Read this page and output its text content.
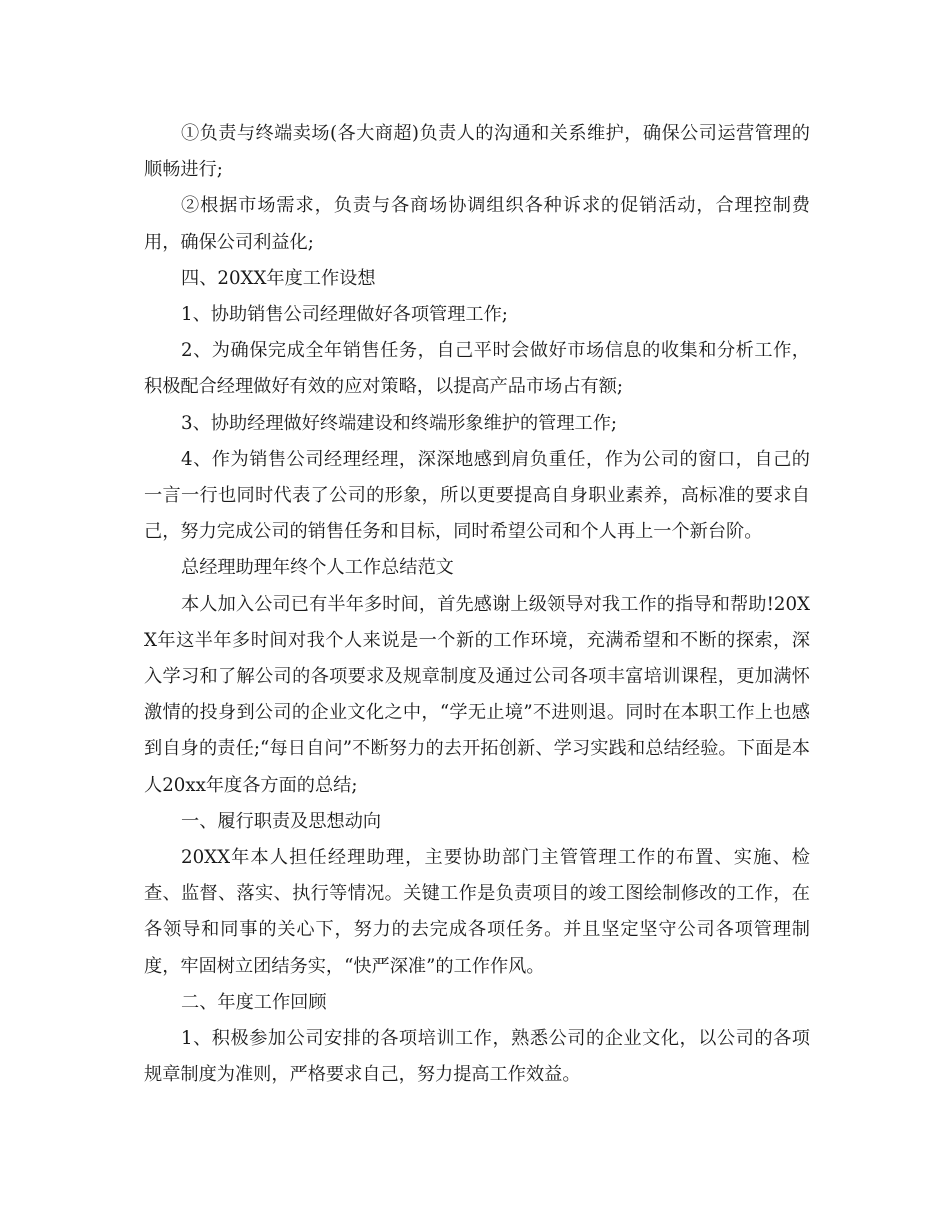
①负责与终端卖场(各大商超)负责人的沟通和关系维护，确保公司运营管理的顺畅进行;

②根据市场需求，负责与各商场协调组织各种诉求的促销活动，合理控制费用，确保公司利益化;

四、20XX年度工作设想

1、协助销售公司经理做好各项管理工作;

2、为确保完成全年销售任务，自己平时会做好市场信息的收集和分析工作，积极配合经理做好有效的应对策略，以提高产品市场占有额;

3、协助经理做好终端建设和终端形象维护的管理工作;

4、作为销售公司经理经理，深深地感到肩负重任，作为公司的窗口，自己的一言一行也同时代表了公司的形象，所以更要提高自身职业素养，高标准的要求自己，努力完成公司的销售任务和目标，同时希望公司和个人再上一个新台阶。

总经理助理年终个人工作总结范文

本人加入公司已有半年多时间，首先感谢上级领导对我工作的指导和帮助!20XX年这半年多时间对我个人来说是一个新的工作环境，充满希望和不断的探索，深入学习和了解公司的各项要求及规章制度及通过公司各项丰富培训课程，更加满怀激情的投身到公司的企业文化之中，“学无止境”不进则退。同时在本职工作上也感到自身的责任;“每日自问”不断努力的去开拓创新、学习实践和总结经验。下面是本人20xx年度各方面的总结;

一、履行职责及思想动向

20XX年本人担任经理助理，主要协助部门主管管理工作的布置、实施、检查、监督、落实、执行等情况。关键工作是负责项目的竣工图绘制修改的工作，在各领导和同事的关心下，努力的去完成各项任务。并且坚定坚守公司各项管理制度，牢固树立团结务实，“快严深准”的工作作风。

二、年度工作回顾

1、积极参加公司安排的各项培训工作，熟悉公司的企业文化，以公司的各项规章制度为准则，严格要求自己，努力提高工作效益。
